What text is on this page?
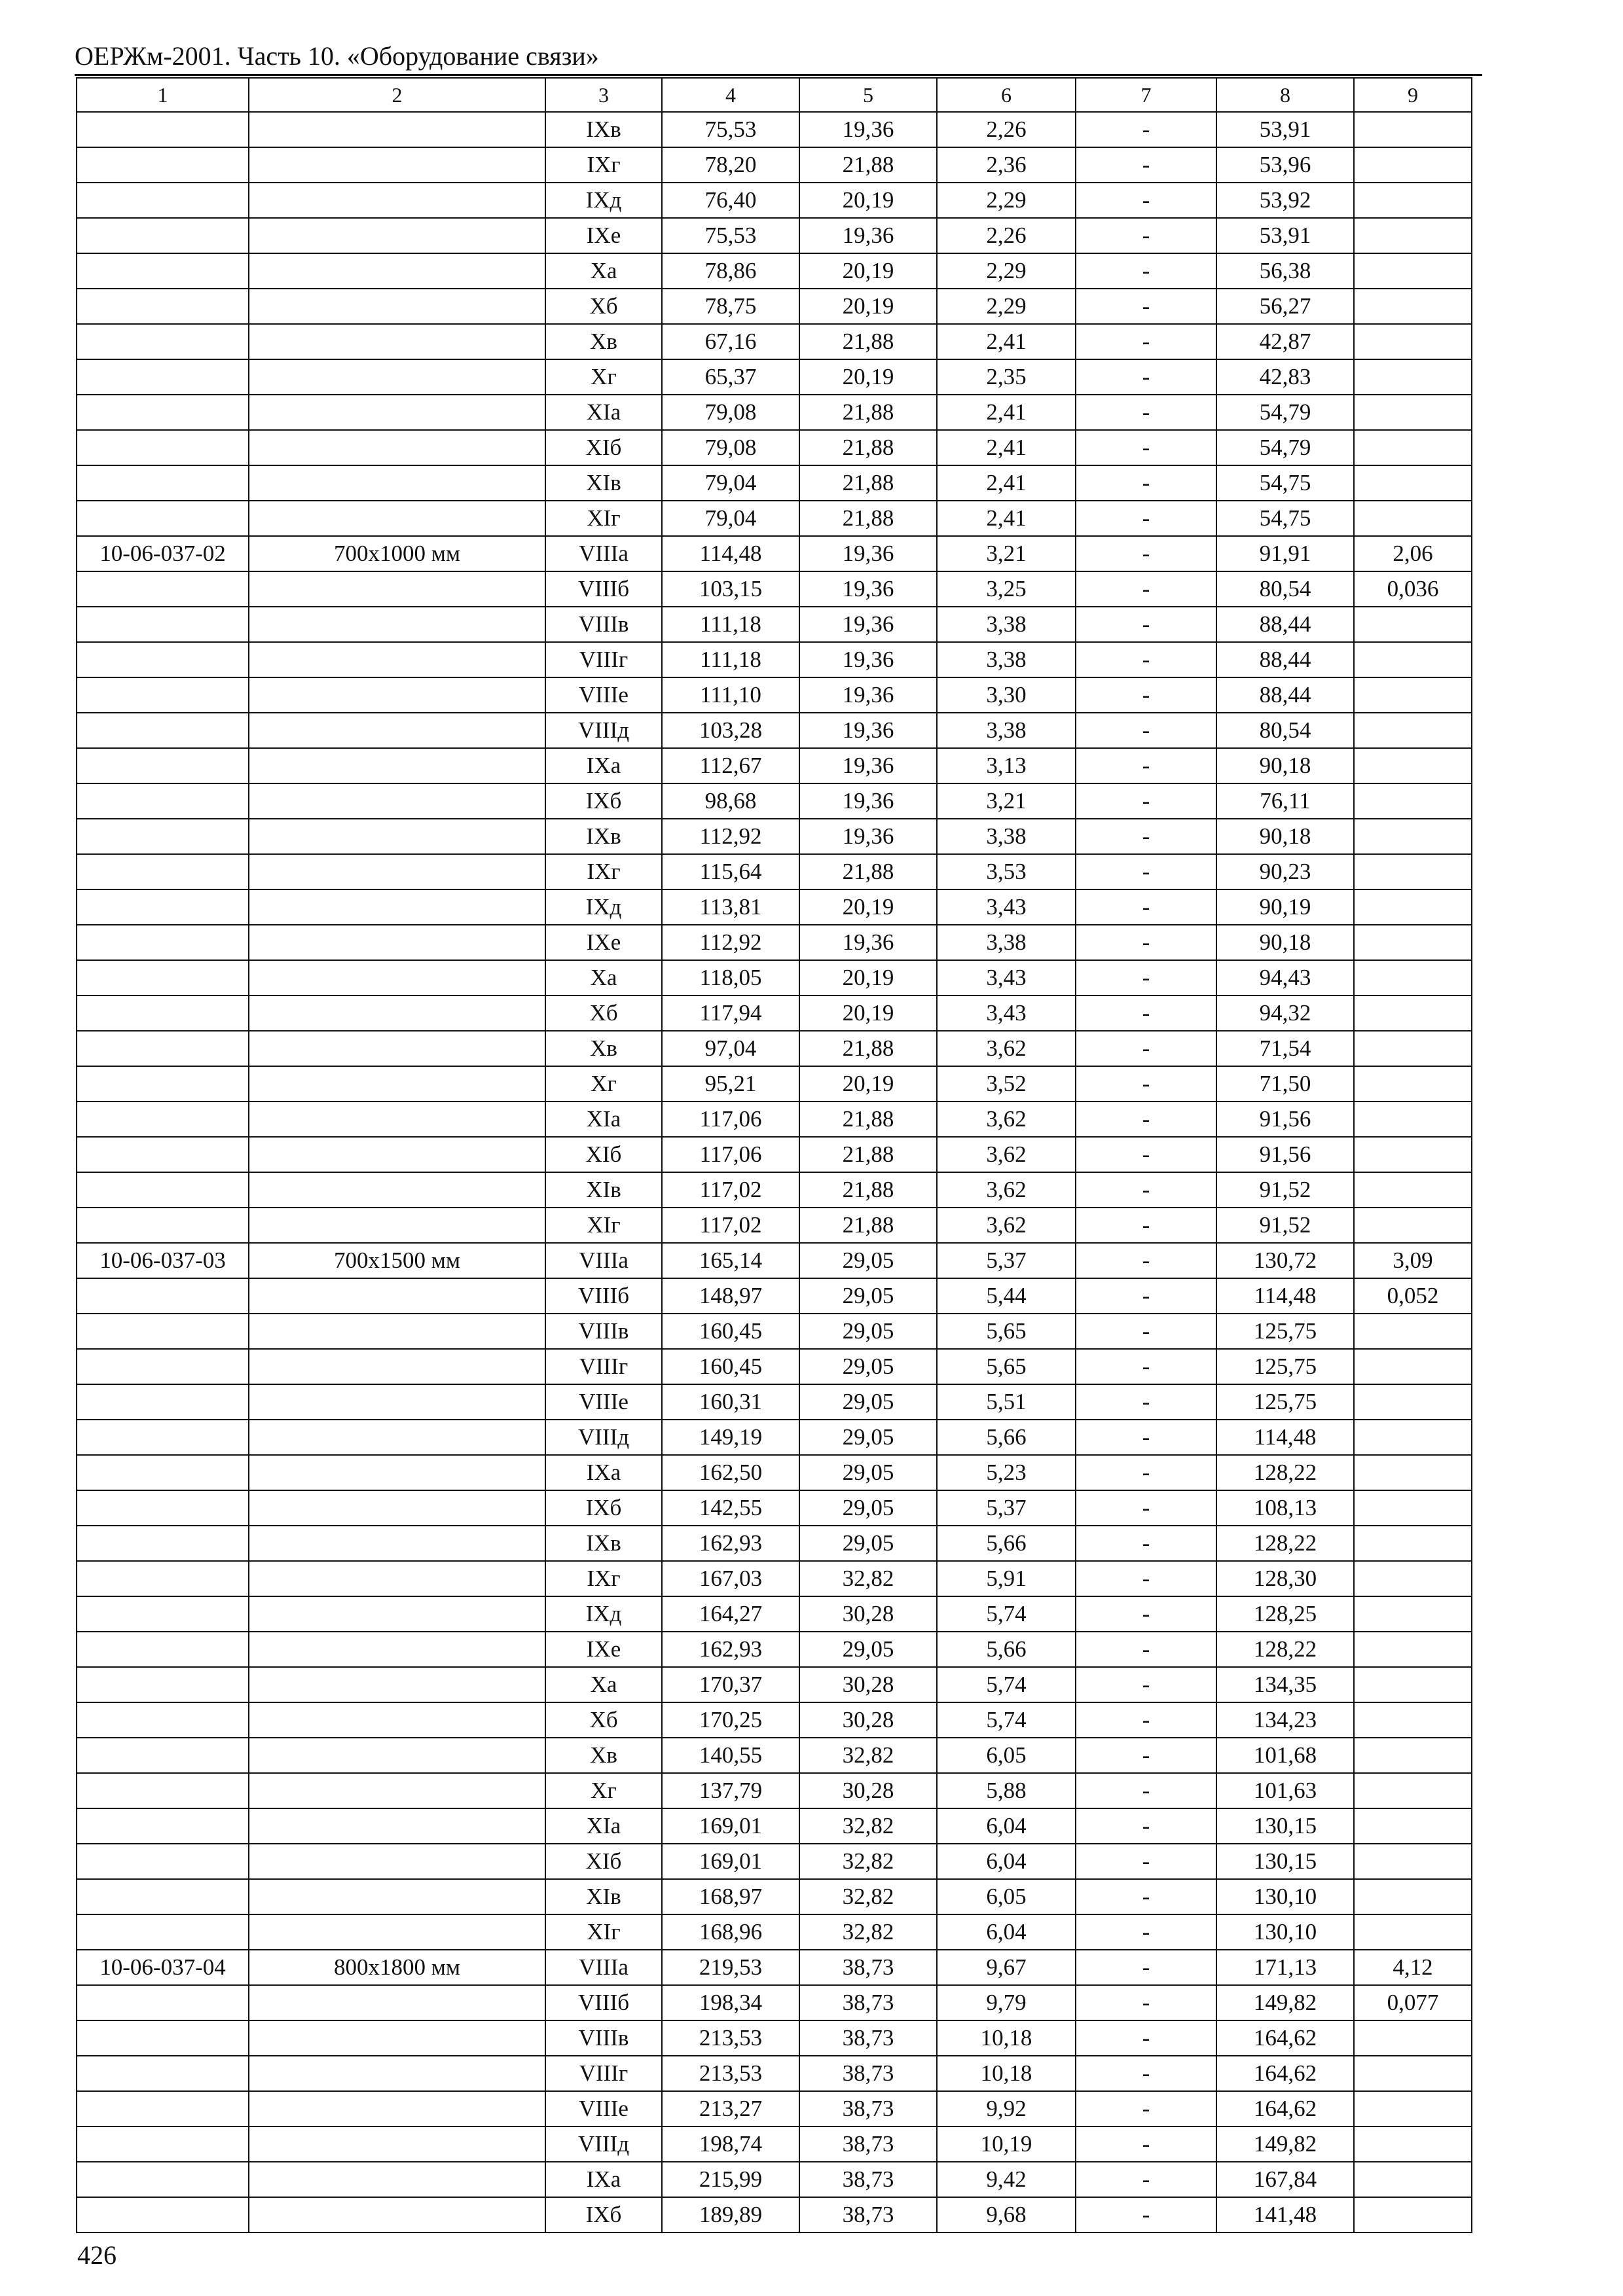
ОЕРЖм-2001. Часть 10. «Оборудование связи»
1	2	3	4	5	6	7	8	9
		IXв	75,53	19,36	2,26	-	53,91	
		IXг	78,20	21,88	2,36	-	53,96	
		IXд	76,40	20,19	2,29	-	53,92	
		IXе	75,53	19,36	2,26	-	53,91	
		Xа	78,86	20,19	2,29	-	56,38	
		Xб	78,75	20,19	2,29	-	56,27	
		Xв	67,16	21,88	2,41	-	42,87	
		Xг	65,37	20,19	2,35	-	42,83	
		XIа	79,08	21,88	2,41	-	54,79	
		XIб	79,08	21,88	2,41	-	54,79	
		XIв	79,04	21,88	2,41	-	54,75	
		XIг	79,04	21,88	2,41	-	54,75	
10-06-037-02	700х1000 мм	VIIIа	114,48	19,36	3,21	-	91,91	2,06
		VIIIб	103,15	19,36	3,25	-	80,54	0,036
		VIIIв	111,18	19,36	3,38	-	88,44	
		VIIIг	111,18	19,36	3,38	-	88,44	
		VIIIе	111,10	19,36	3,30	-	88,44	
		VIIIд	103,28	19,36	3,38	-	80,54	
		IXа	112,67	19,36	3,13	-	90,18	
		IXб	98,68	19,36	3,21	-	76,11	
		IXв	112,92	19,36	3,38	-	90,18	
		IXг	115,64	21,88	3,53	-	90,23	
		IXд	113,81	20,19	3,43	-	90,19	
		IXе	112,92	19,36	3,38	-	90,18	
		Xа	118,05	20,19	3,43	-	94,43	
		Xб	117,94	20,19	3,43	-	94,32	
		Xв	97,04	21,88	3,62	-	71,54	
		Xг	95,21	20,19	3,52	-	71,50	
		XIа	117,06	21,88	3,62	-	91,56	
		XIб	117,06	21,88	3,62	-	91,56	
		XIв	117,02	21,88	3,62	-	91,52	
		XIг	117,02	21,88	3,62	-	91,52	
10-06-037-03	700х1500 мм	VIIIа	165,14	29,05	5,37	-	130,72	3,09
		VIIIб	148,97	29,05	5,44	-	114,48	0,052
		VIIIв	160,45	29,05	5,65	-	125,75	
		VIIIг	160,45	29,05	5,65	-	125,75	
		VIIIе	160,31	29,05	5,51	-	125,75	
		VIIIд	149,19	29,05	5,66	-	114,48	
		IXа	162,50	29,05	5,23	-	128,22	
		IXб	142,55	29,05	5,37	-	108,13	
		IXв	162,93	29,05	5,66	-	128,22	
		IXг	167,03	32,82	5,91	-	128,30	
		IXд	164,27	30,28	5,74	-	128,25	
		IXе	162,93	29,05	5,66	-	128,22	
		Xа	170,37	30,28	5,74	-	134,35	
		Xб	170,25	30,28	5,74	-	134,23	
		Xв	140,55	32,82	6,05	-	101,68	
		Xг	137,79	30,28	5,88	-	101,63	
		XIа	169,01	32,82	6,04	-	130,15	
		XIб	169,01	32,82	6,04	-	130,15	
		XIв	168,97	32,82	6,05	-	130,10	
		XIг	168,96	32,82	6,04	-	130,10	
10-06-037-04	800х1800 мм	VIIIа	219,53	38,73	9,67	-	171,13	4,12
		VIIIб	198,34	38,73	9,79	-	149,82	0,077
		VIIIв	213,53	38,73	10,18	-	164,62	
		VIIIг	213,53	38,73	10,18	-	164,62	
		VIIIе	213,27	38,73	9,92	-	164,62	
		VIIIд	198,74	38,73	10,19	-	149,82	
		IXа	215,99	38,73	9,42	-	167,84	
		IXб	189,89	38,73	9,68	-	141,48	
426
